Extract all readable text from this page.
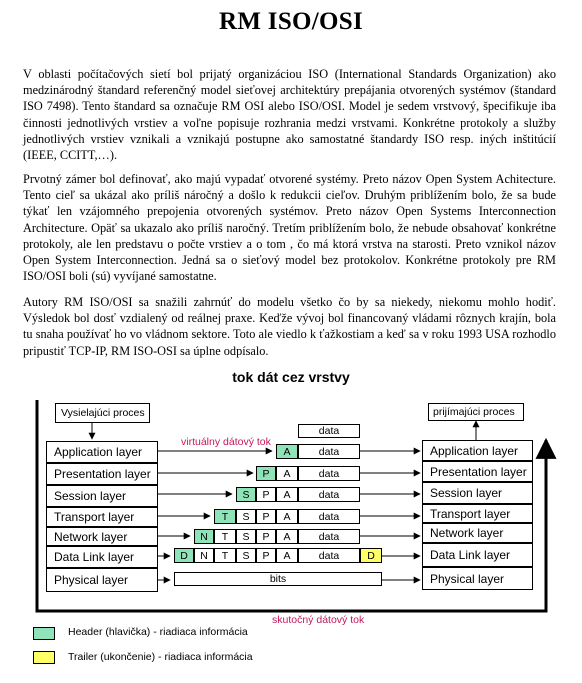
RM ISO/OSI

V oblasti počítačových sietí bol prijatý organizáciou ISO (International Standards Organization) ako medzinárodný štandard referenčný model sieťovej architektúry prepájania otvorených systémov (štandard ISO 7498). Tento štandard sa označuje RM OSI alebo ISO/OSI. Model je sedem vrstvový, špecifikuje iba činnosti jednotlivých vrstiev a voľne popisuje rozhrania medzi vrstvami. Konkrétne protokoly a služby jednotlivých vrstiev vznikali a vznikajú postupne ako samostatné štandardy ISO resp. iných inštitúcií (IEEE, CCITT,…).

Prvotný zámer bol definovať, ako majú vypadať otvorené systémy. Preto názov Open System Achitecture. Tento cieľ sa ukázal ako príliš náročný a došlo k redukcii cieľov. Druhým priblížením bolo, že sa bude týkať len vzájomného prepojenia otvorených systémov. Preto názov Open Systems Interconnection Architecture. Opäť sa ukazalo ako príliš naročný. Tretím priblížením bolo, že nebude obsahovať konkrétne protokoly, ale len predstavu o počte vrstiev a o tom , čo má ktorá vrstva na starosti. Preto vznikol názov Open System Interconnection. Jedná sa o sieťový model bez protokolov. Konkrétne protokoly pre RM ISO/OSI boli (sú) vyvíjané samostatne.

Autory RM ISO/OSI sa snažili zahrnúť do modelu všetko čo by sa niekedy, niekomu mohlo hodiť. Výsledok bol dosť vzdialený od reálnej praxe. Keďže vývoj bol financovaný vládami rôznych krajín, bola tu snaha používať ho vo vládnom sektore. Toto ale viedlo k ťažkostiam a keď sa v roku 1993 USA rozhodlo pripustiť TCP-IP, RM ISO-OSI sa úplne odpísalo.

tok dát cez vrstvy
Vysielajúci proces	prijímajúci proces
Application layer
Presentation layer
Session layer
Transport layer
Network layer
Data Link layer
Physical layer
Application layer
Presentation layer
Session layer
Transport layer
Network layer
Data Link layer
Physical layer
virtuálny dátový tok
data
A	data
P A	data
S P A	data
T S P A	data
N T S P A	data
D N T S P A	data	D
bits
skutočný dátový tok
Header (hlavička) - riadiaca informácia
Trailer (ukončenie) - riadiaca informácia
